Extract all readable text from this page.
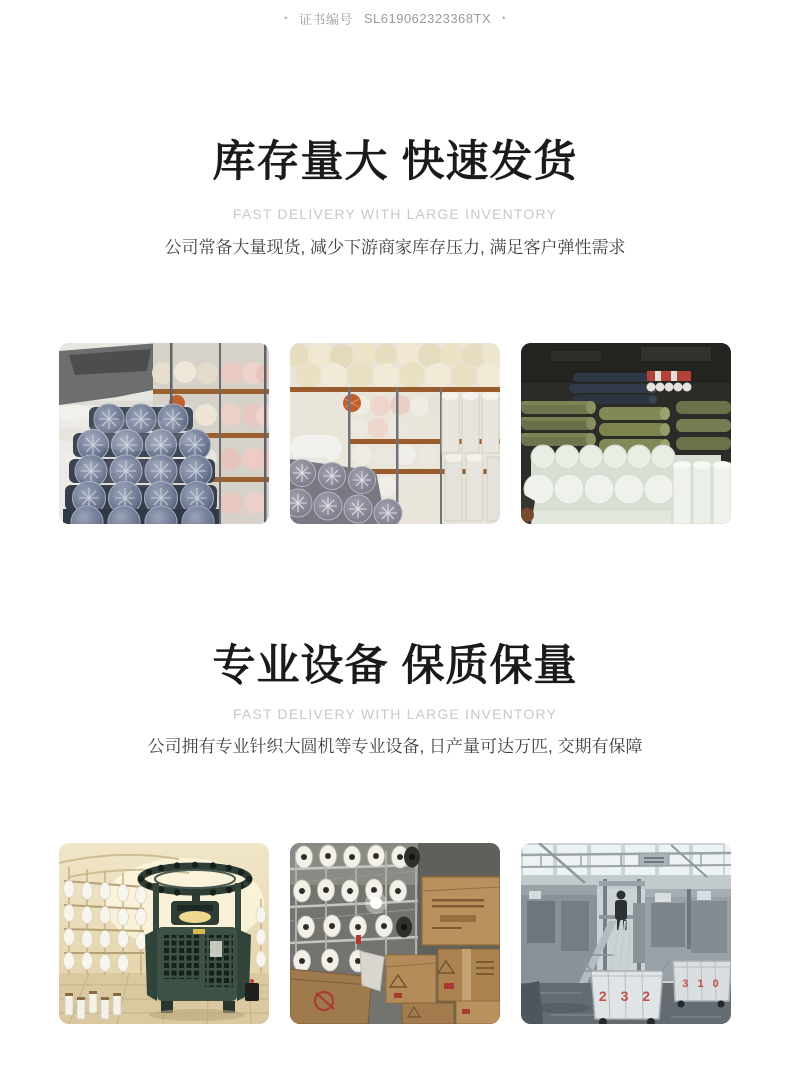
• 证书编号 SL619062323368TX •
库存量大 快速发货
FAST DELIVERY WITH LARGE INVENTORY

公司常备大量现货, 减少下游商家库存压力, 满足客户弹性需求

专业设备 保质保量
FAST DELIVERY WITH LARGE INVENTORY

公司拥有专业针织大圆机等专业设备, 日产量可达万匹, 交期有保障

3 1 0
2 3 2
